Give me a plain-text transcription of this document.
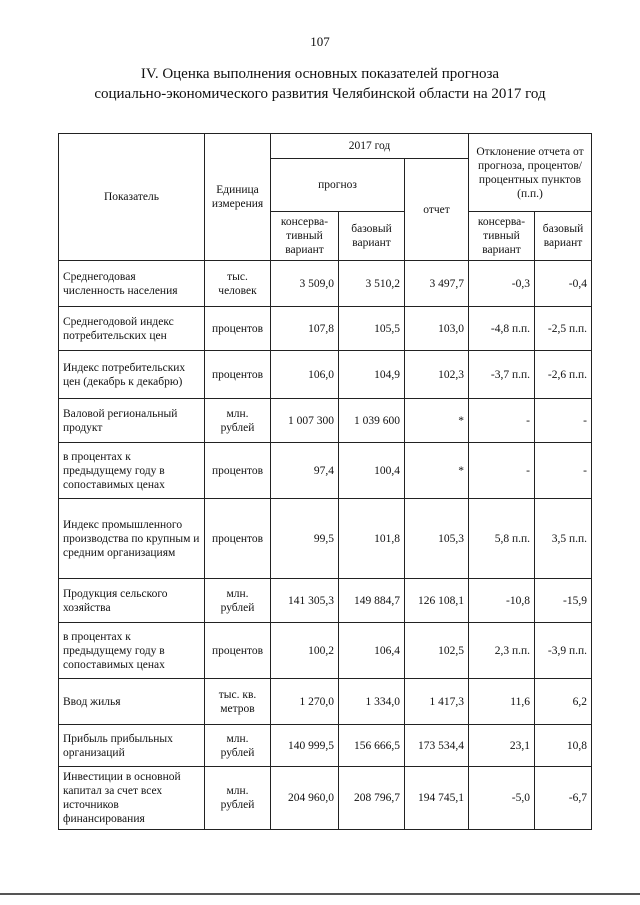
107
IV. Оценка выполнения основных показателей прогноза
социально-экономического развития Челябинской области на 2017 год
Показатель	Единица измерения	2017 год			Отклонение отчета от прогноза, процентов/ процентных пунктов (п.п.)	
		прогноз		отчет		
		консерва-тивный вариант	базовый вариант		консерва-тивный вариант	базовый вариант
Среднегодовая численность населения	тыс. человек	3 509,0	3 510,2	3 497,7	-0,3	-0,4
Среднегодовой индекс потребительских цен	процентов	107,8	105,5	103,0	-4,8 п.п.	-2,5 п.п.
Индекс потребительских цен (декабрь к декабрю)	процентов	106,0	104,9	102,3	-3,7 п.п.	-2,6 п.п.
Валовой региональный продукт	млн. рублей	1 007 300	1 039 600	*	-	-
в процентах к предыдущему году в сопоставимых ценах	процентов	97,4	100,4	*	-	-
Индекс промышленного производства по крупным и средним организациям	процентов	99,5	101,8	105,3	5,8 п.п.	3,5 п.п.
Продукция сельского хозяйства	млн. рублей	141 305,3	149 884,7	126 108,1	-10,8	-15,9
в процентах к предыдущему году в сопоставимых ценах	процентов	100,2	106,4	102,5	2,3 п.п.	-3,9 п.п.
Ввод жилья	тыс. кв. метров	1 270,0	1 334,0	1 417,3	11,6	6,2
Прибыль прибыльных организаций	млн. рублей	140 999,5	156 666,5	173 534,4	23,1	10,8
Инвестиции в основной капитал за счет всех источников финансирования	млн. рублей	204 960,0	208 796,7	194 745,1	-5,0	-6,7
